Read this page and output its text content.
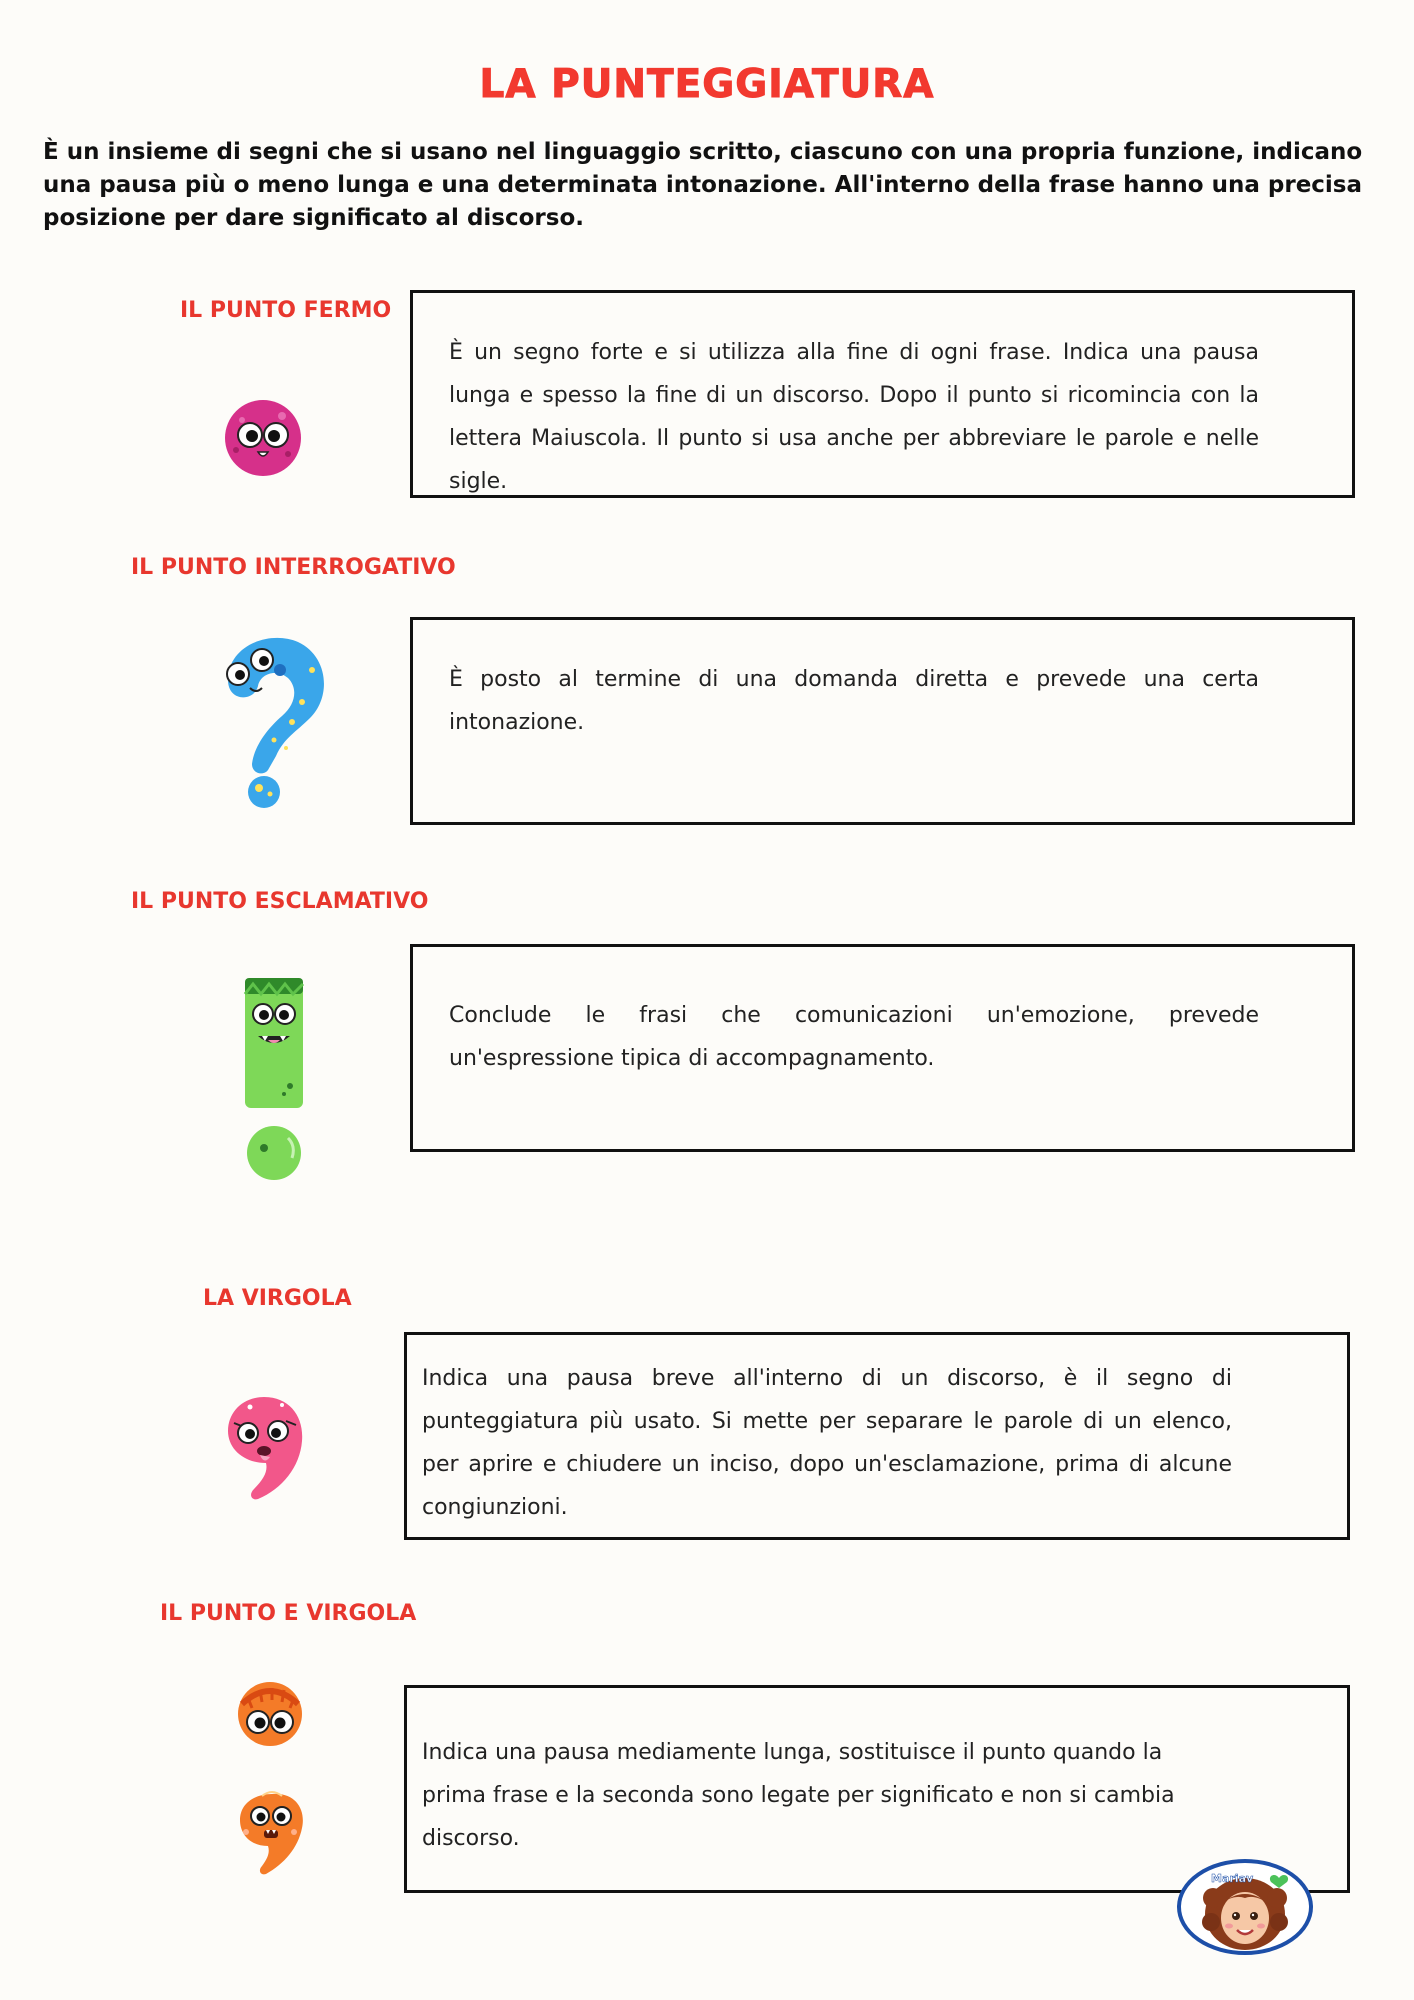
LA PUNTEGGIATURA
È un insieme di segni che si usano nel linguaggio scritto, ciascuno con una propria funzione, indicano una pausa più o meno lunga e una determinata intonazione. All'interno della frase hanno una precisa posizione per dare significato al discorso.
IL PUNTO FERMO
È un segno forte e si utilizza alla fine di ogni frase. Indica una pausa lunga e spesso la fine di un discorso. Dopo il punto si ricomincia con la lettera Maiuscola. Il punto si usa anche per abbreviare le parole e nelle sigle.
IL PUNTO INTERROGATIVO
È posto al termine di una domanda diretta e prevede una certa intonazione.
IL PUNTO ESCLAMATIVO
Conclude le frasi che comunicazioni un'emozione, prevede un'espressione tipica di accompagnamento.
LA VIRGOLA
Indica una pausa breve all'interno di un discorso, è il segno di punteggiatura più usato. Si mette per separare le parole di un elenco, per aprire e chiudere un inciso, dopo un'esclamazione, prima di alcune congiunzioni.
IL PUNTO E VIRGOLA
Indica una pausa mediamente lunga, sostituisce il punto quando la prima frase e la seconda sono legate per significato e non si cambia discorso.
Mariav
